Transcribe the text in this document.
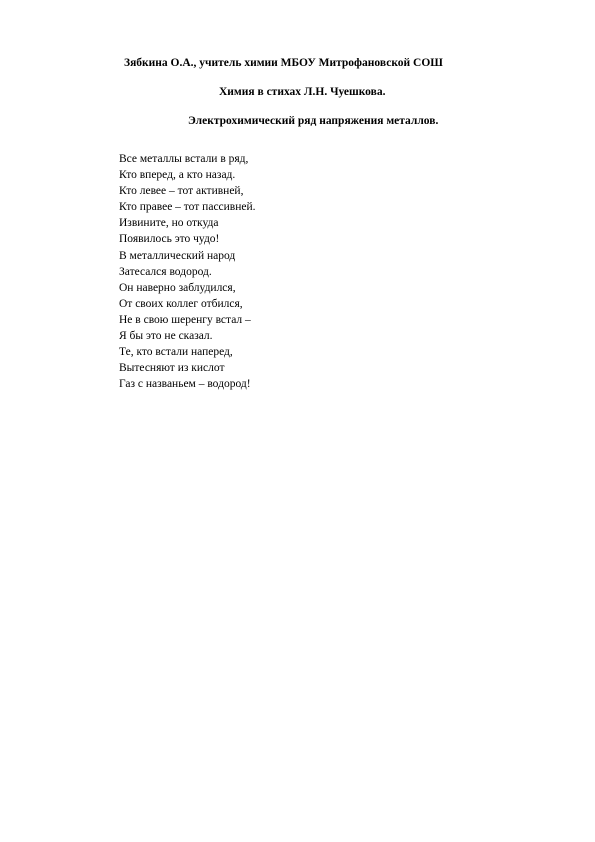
Зябкина О.А., учитель химии МБОУ Митрофановской СОШ

Химия в стихах Л.Н. Чуешкова.

Электрохимический ряд напряжения металлов.

Все металлы встали в ряд,
Кто вперед, а кто назад.
Кто левее – тот активней,
Кто правее – тот пассивней.
Извините, но откуда
Появилось это чудо!
В металлический народ
Затесался водород.
Он наверно заблудился,
От своих коллег отбился,
Не в свою шеренгу встал –
Я бы это не сказал.
Те, кто встали наперед,
Вытесняют из кислот
Газ с названьем – водород!
